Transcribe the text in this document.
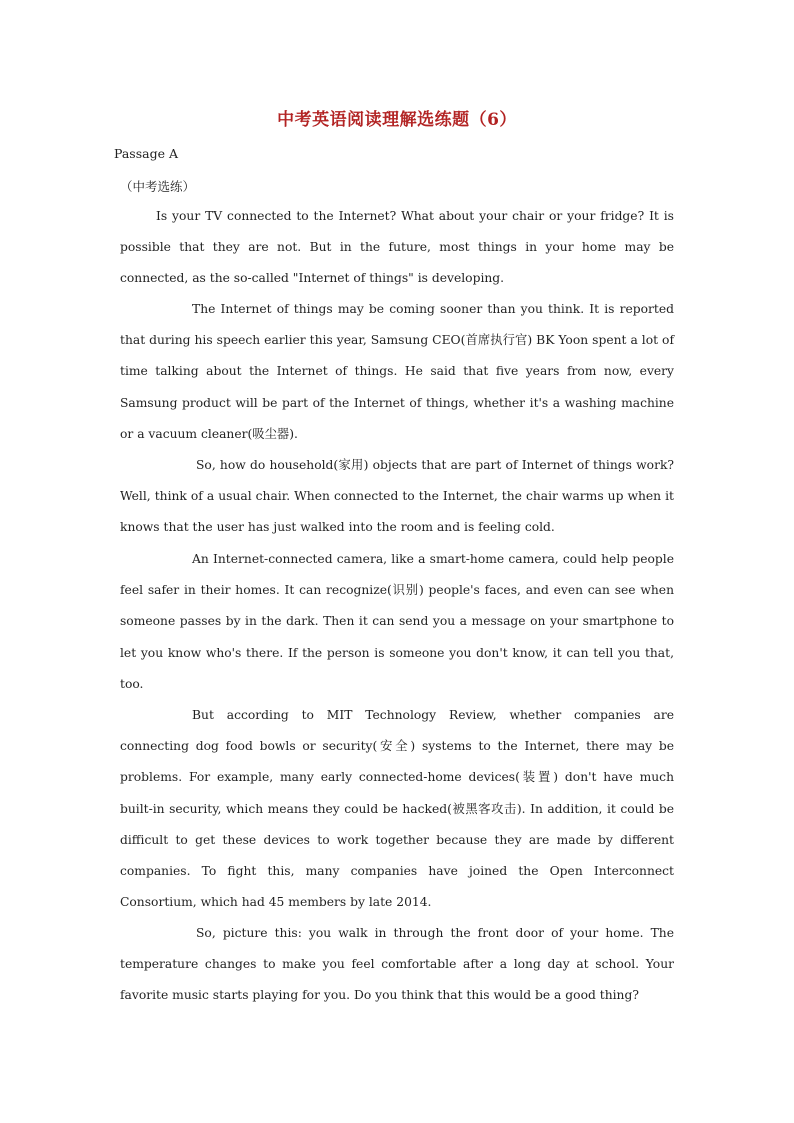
中考英语阅读理解选练题（6）
Passage A
（中考选练）

Is your TV connected to the Internet? What about your chair or your fridge? It is possible that they are not. But in the future, most things in your home may be connected, as the so-called "Internet of things" is developing.

The Internet of things may be coming sooner than you think. It is reported that during his speech earlier this year, Samsung CEO(首席执行官) BK Yoon spent a lot of time talking about the Internet of things. He said that five years from now, every Samsung product will be part of the Internet of things, whether it's a washing machine or a vacuum cleaner(吸尘器).

So, how do household(家用) objects that are part of Internet of things work? Well, think of a usual chair. When connected to the Internet, the chair warms up when it knows that the user has just walked into the room and is feeling cold.

An Internet-connected camera, like a smart-home camera, could help people feel safer in their homes. It can recognize(识别) people's faces, and even can see when someone passes by in the dark. Then it can send you a message on your smartphone to let you know who's there. If the person is someone you don't know, it can tell you that, too.

But according to MIT Technology Review, whether companies are connecting dog food bowls or security(安全) systems to the Internet, there may be problems. For example, many early connected-home devices(装置) don't have much built-in security, which means they could be hacked(被黑客攻击). In addition, it could be difficult to get these devices to work together because they are made by different companies. To fight this, many companies have joined the Open Interconnect Consortium, which had 45 members by late 2014.

So, picture this: you walk in through the front door of your home. The temperature changes to make you feel comfortable after a long day at school. Your favorite music starts playing for you. Do you think that this would be a good thing?
